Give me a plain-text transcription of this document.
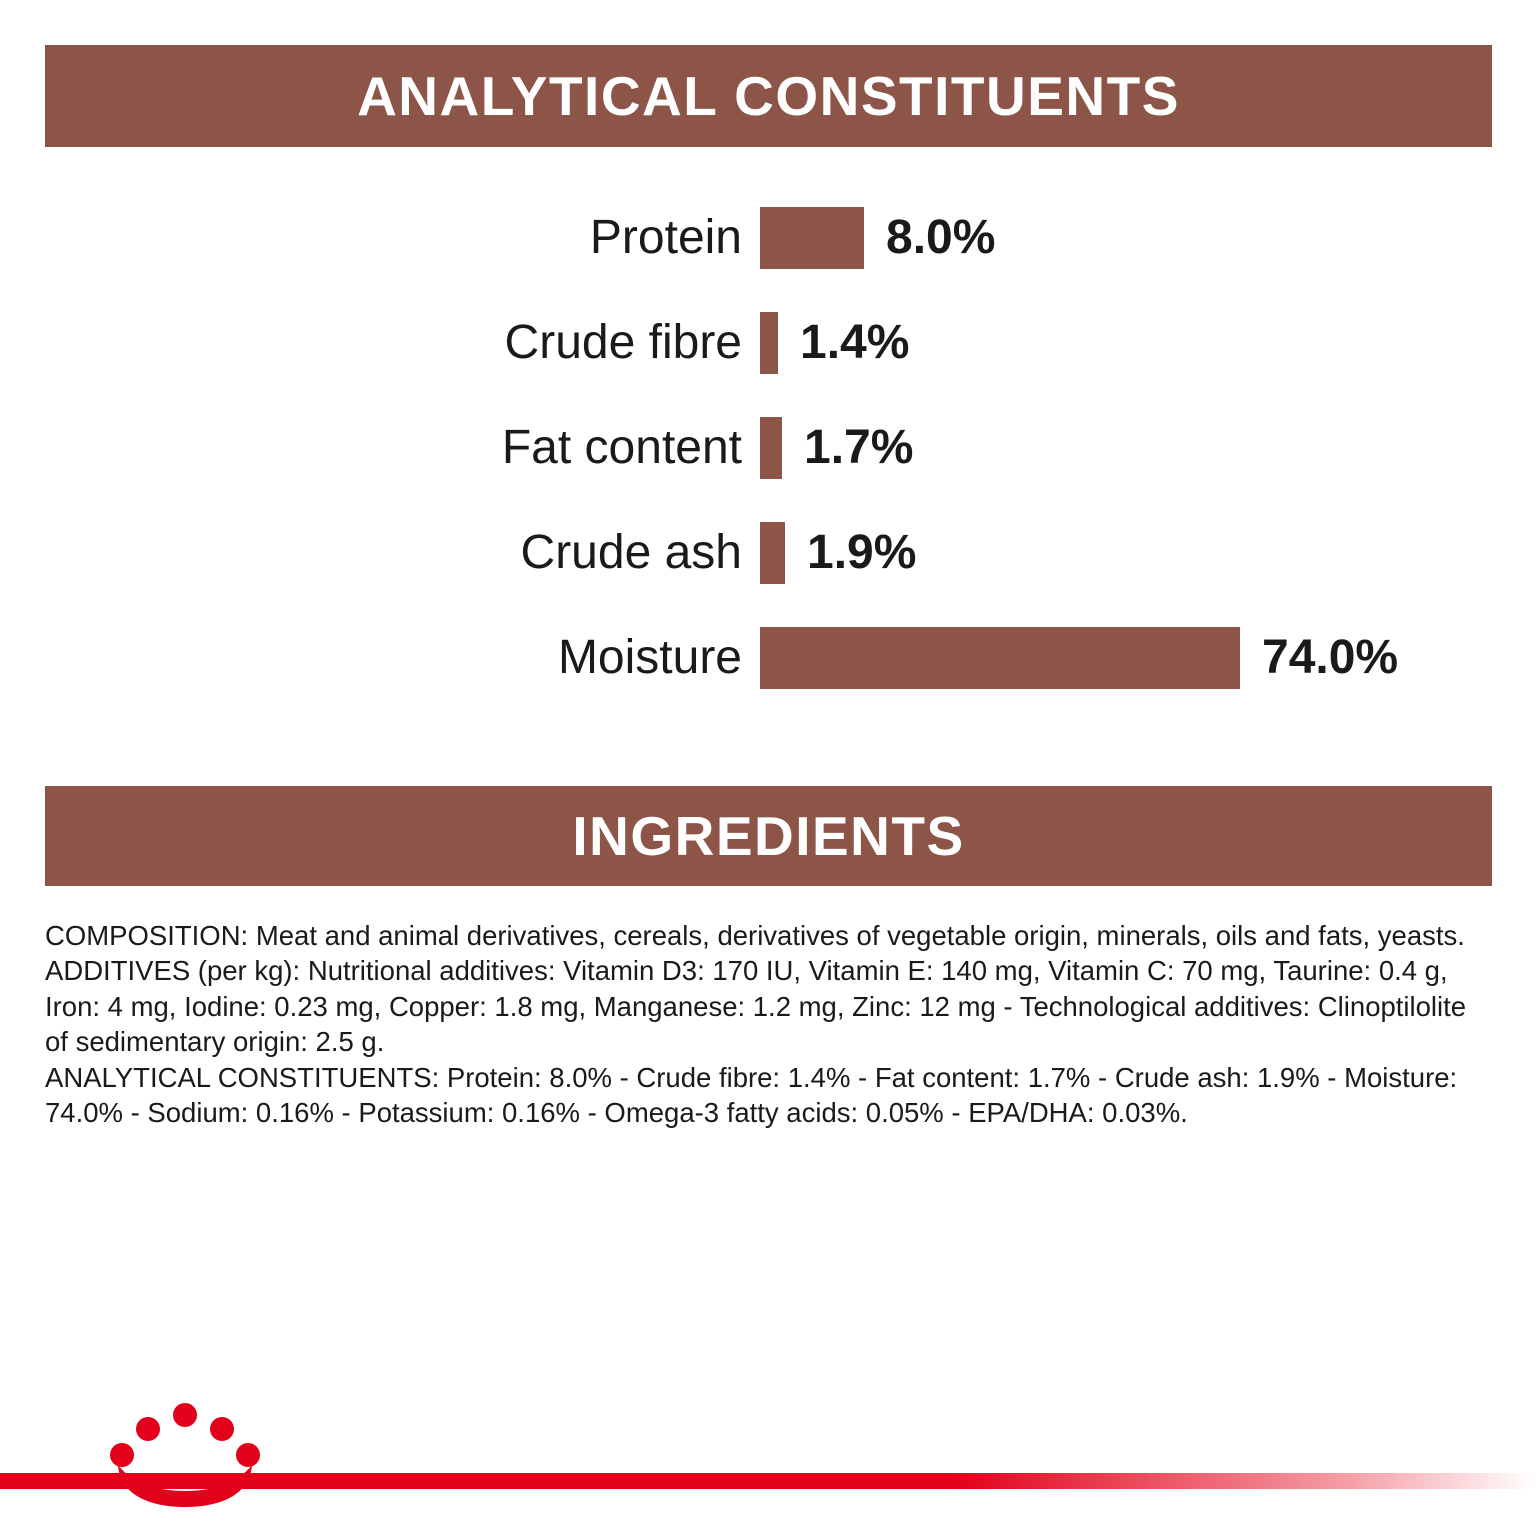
ANALYTICAL CONSTITUENTS
Protein	8.0%
Crude fibre	1.4%
Fat content	1.7%
Crude ash	1.9%
Moisture	74.0%
INGREDIENTS

COMPOSITION: Meat and animal derivatives, cereals, derivatives of vegetable origin, minerals, oils and fats, yeasts.

ADDITIVES (per kg): Nutritional additives: Vitamin D3: 170 IU, Vitamin E: 140 mg, Vitamin C: 70 mg, Taurine: 0.4 g, Iron: 4 mg, Iodine: 0.23 mg, Copper: 1.8 mg, Manganese: 1.2 mg, Zinc: 12 mg - Technological additives: Clinoptilolite of sedimentary origin: 2.5 g.

ANALYTICAL CONSTITUENTS: Protein: 8.0% - Crude fibre: 1.4% - Fat content: 1.7% - Crude ash: 1.9% - Moisture: 74.0% - Sodium: 0.16% - Potassium: 0.16% - Omega-3 fatty acids: 0.05% - EPA/DHA: 0.03%.
